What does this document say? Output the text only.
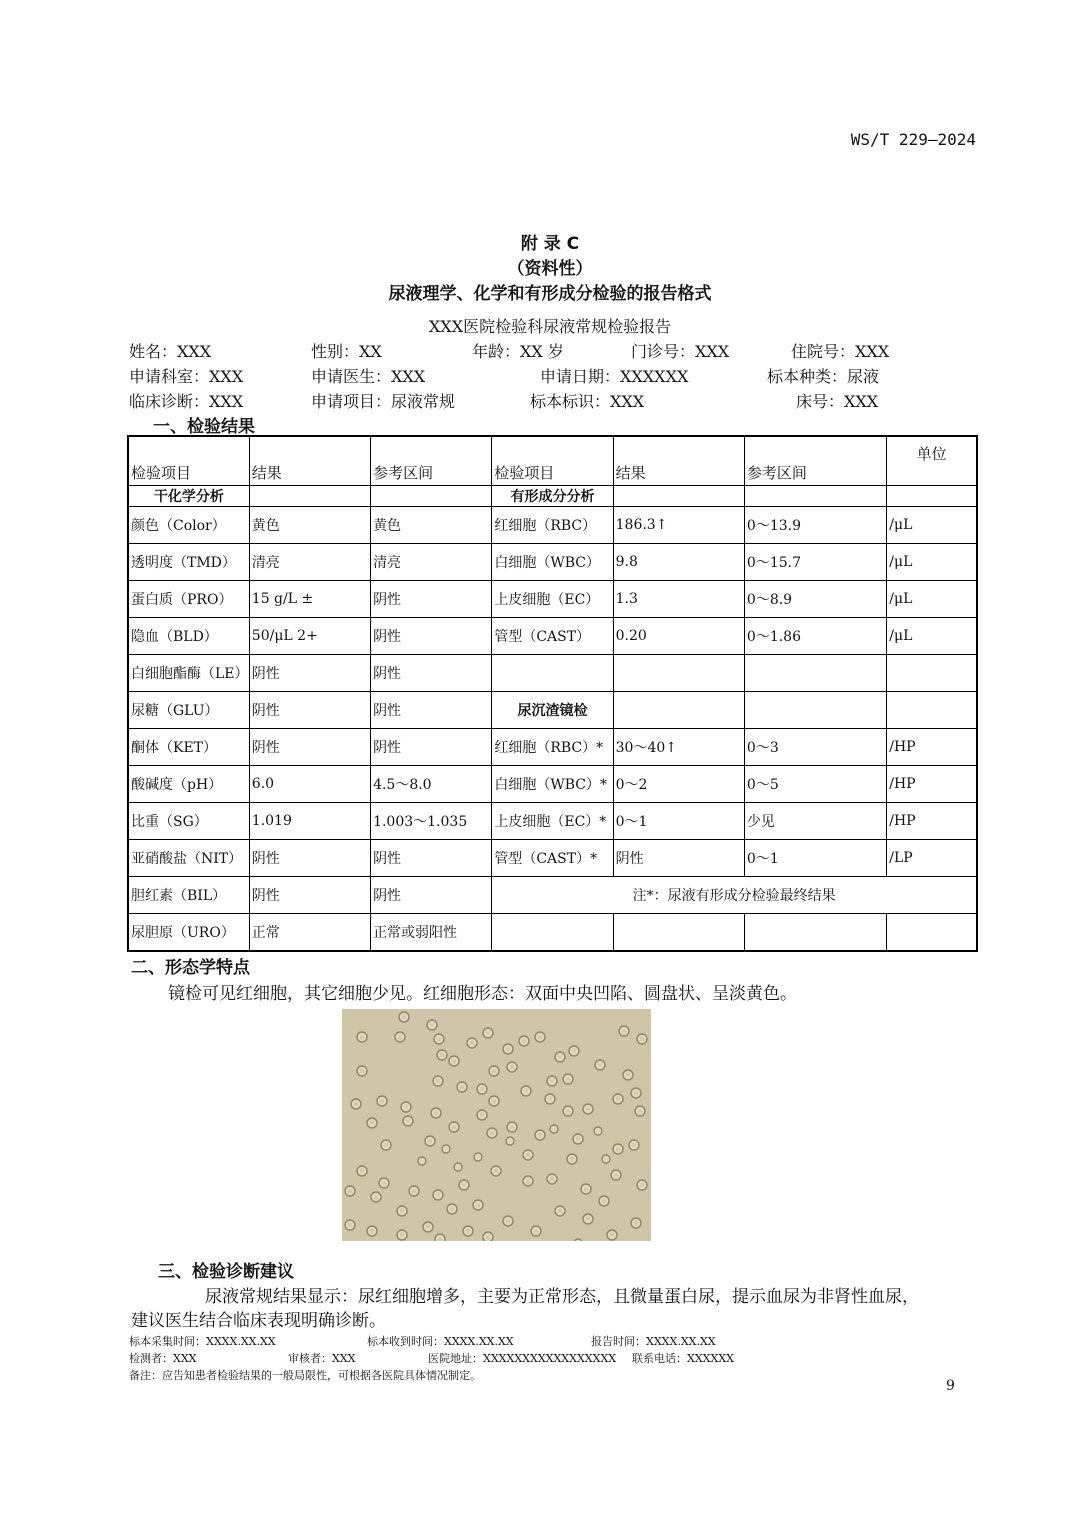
WS/T 229—2024
附 录 C
（资料性）
尿液理学、化学和有形成分检验的报告格式
XXX医院检验科尿液常规检验报告
姓名：XXX	性别：XX	年龄：XX 岁	门诊号：XXX	住院号：XXX
申请科室：XXX	申请医生：XXX	申请日期：XXXXXX	标本种类：尿液
临床诊断：XXX	申请项目：尿液常规	标本标识：XXX	床号：XXX
一、检验结果
检验项目	结果	参考区间	检验项目	结果	参考区间	单位
干化学分析			有形成分分析			
颜色（Color）	黄色	黄色	红细胞（RBC）	186.3↑	0～13.9	/μL
透明度（TMD）	清亮	清亮	白细胞（WBC）	9.8	0～15.7	/μL
蛋白质（PRO）	15 g/L ±	阴性	上皮细胞（EC）	1.3	0～8.9	/μL
隐血（BLD）	50/μL 2+	阴性	管型（CAST）	0.20	0～1.86	/μL
白细胞酯酶（LE）	阴性	阴性				
尿糖（GLU）	阴性	阴性	尿沉渣镜检			
酮体（KET）	阴性	阴性	红细胞（RBC）*	30～40↑	0～3	/HP
酸碱度（pH）	6.0	4.5～8.0	白细胞（WBC）*	0～2	0～5	/HP
比重（SG）	1.019	1.003～1.035	上皮细胞（EC）*	0～1	少见	/HP
亚硝酸盐（NIT）	阴性	阴性	管型（CAST）*	阴性	0～1	/LP
胆红素（BIL）	阴性	阴性	注*：尿液有形成分检验最终结果			
尿胆原（URO）	正常	正常或弱阳性				
二、形态学特点
镜检可见红细胞，其它细胞少见。红细胞形态：双面中央凹陷、圆盘状、呈淡黄色。
三、检验诊断建议
尿液常规结果显示：尿红细胞增多，主要为正常形态，且微量蛋白尿，提示血尿为非肾性血尿，
建议医生结合临床表现明确诊断。
标本采集时间：XXXX.XX.XX	标本收到时间：XXXX.XX.XX	报告时间：XXXX.XX.XX
检测者：XXX	审核者：XXX	医院地址：XXXXXXXXXXXXXXXXX 联系电话：XXXXXX
备注：应告知患者检验结果的一般局限性，可根据各医院具体情况制定。
9
